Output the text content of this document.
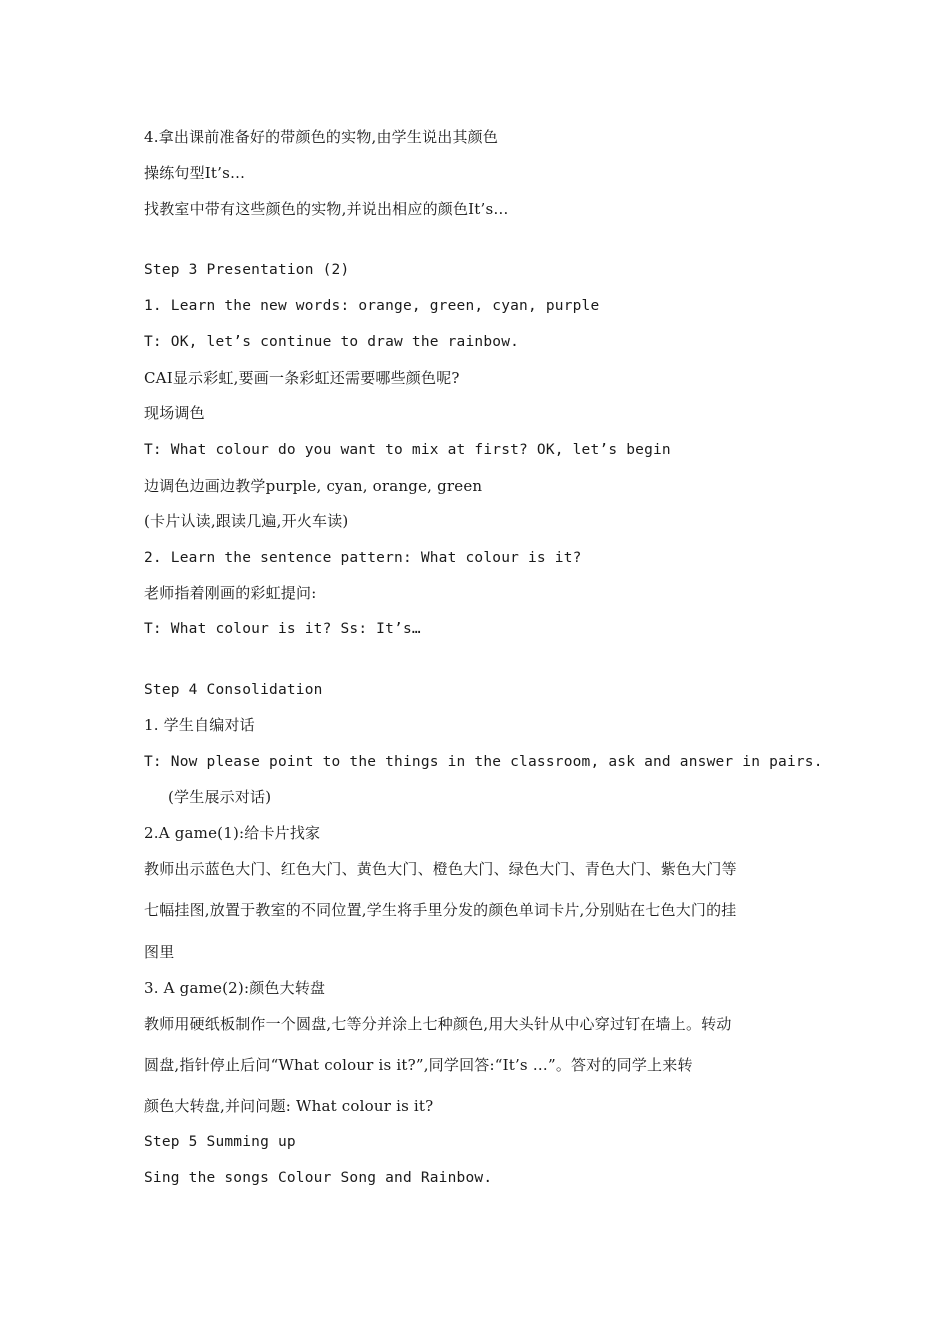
4.拿出课前准备好的带颜色的实物,由学生说出其颜色
操练句型It’s…
找教室中带有这些颜色的实物,并说出相应的颜色It’s…
Step 3 Presentation (2)
1. Learn the new words: orange, green, cyan, purple
T: OK, let’s continue to draw the rainbow.
CAI显示彩虹,要画一条彩虹还需要哪些颜色呢?
现场调色
T: What colour do you want to mix at first? OK, let’s begin
边调色边画边教学purple, cyan, orange, green
(卡片认读,跟读几遍,开火车读)
2. Learn the sentence pattern: What colour is it?
老师指着刚画的彩虹提问:
T: What colour is it? Ss: It’s…
Step 4 Consolidation
1. 学生自编对话
T: Now please point to the things in the classroom, ask and answer in pairs.
(学生展示对话)
2.A game(1):给卡片找家
教师出示蓝色大门、红色大门、黄色大门、橙色大门、绿色大门、青色大门、紫色大门等
七幅挂图,放置于教室的不同位置,学生将手里分发的颜色单词卡片,分别贴在七色大门的挂
图里
3. A game(2):颜色大转盘
教师用硬纸板制作一个圆盘,七等分并涂上七种颜色,用大头针从中心穿过钉在墙上。转动
圆盘,指针停止后问“What colour is it?”,同学回答:“It’s …”。答对的同学上来转
颜色大转盘,并问问题: What colour is it?
Step 5 Summing up
Sing the songs Colour Song and Rainbow.
